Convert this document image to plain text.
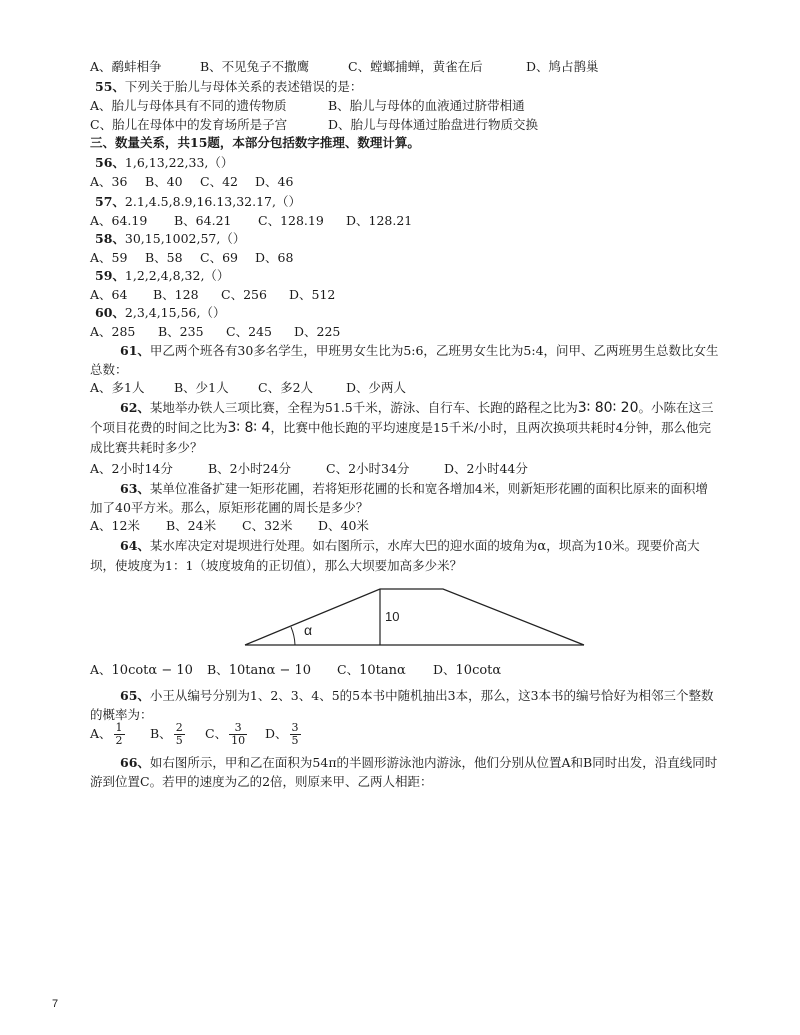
A、鹬蚌相争	B、不见兔子不撒鹰	C、螳螂捕蝉，黄雀在后	D、鸠占鹊巢
55、下列关于胎儿与母体关系的表述错误的是：
A、胎儿与母体具有不同的遗传物质	B、胎儿与母体的血液通过脐带相通
C、胎儿在母体中的发育场所是子宫	D、胎儿与母体通过胎盘进行物质交换
三、数量关系，共15题，本部分包括数字推理、数理计算。
56、1,6,13,22,33,（）
A、36 B、40 C、42 D、46
57、2.1,4.5,8.9,16.13,32.17,（）
A、64.19 B、64.21 C、128.19 D、128.21
58、30,15,1002,57,（）
A、59 B、58 C、69 D、68
59、1,2,2,4,8,32,（）
A、64 B、128 C、256 D、512
60、2,3,4,15,56,（）
A、285 B、235 C、245 D、225
61、甲乙两个班各有30多名学生，甲班男女生比为5:6，乙班男女生比为5:4，问甲、乙两班男生总数比女生总数：
A、多1人 B、少1人 C、多2人	D、少两人
62、某地举办铁人三项比赛，全程为51.5千米，游泳、自行车、长跑的路程之比为3∶ 80∶ 20。小陈在这三个项目花费的时间之比为3∶ 8∶ 4，比赛中他长跑的平均速度是15千米/小时，且两次换项共耗时4分钟，那么他完成比赛共耗时多少？
A、2小时14分	B、2小时24分	C、2小时34分	D、2小时44分
63、某单位准备扩建一矩形花圃，若将矩形花圃的长和宽各增加4米，则新矩形花圃的面积比原来的面积增加了40平方米。那么，原矩形花圃的周长是多少？
A、12米 B、24米 C、32米 D、40米
64、某水库决定对堤坝进行处理。如右图所示，水库大巴的迎水面的坡角为α，坝高为10米。现要价高大坝，使坡度为1：1（坡度坡角的正切值），那么大坝要加高多少米？
α
10
A、10cotα − 10 B、10tanα − 10 C、10tanα D、10cotα
65、小王从编号分别为1、2、3、4、5的5本书中随机抽出3本，那么，这3本书的编号恰好为相邻三个整数的概率为：
A、 $\frac{1}{2}$ B、 $\frac{2}{5}$ C、 $\frac{3}{10}$ D、 $\frac{3}{5}$
66、如右图所示，甲和乙在面积为54π的半圆形游泳池内游泳，他们分别从位置A和B同时出发，沿直线同时游到位置C。若甲的速度为乙的2倍，则原来甲、乙两人相距：
7
